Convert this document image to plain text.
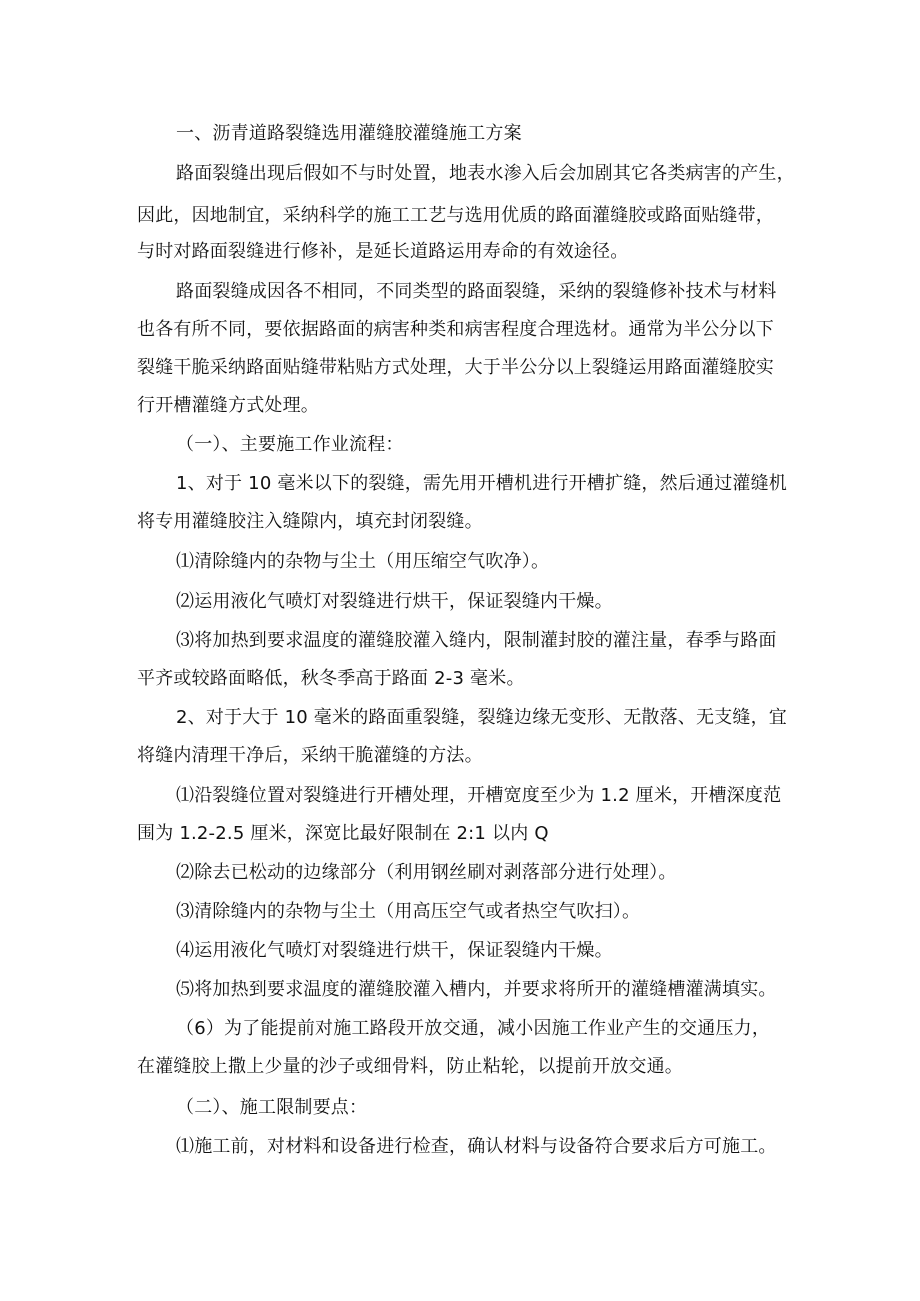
一、沥青道路裂缝选用灌缝胶灌缝施工方案
路面裂缝出现后假如不与时处置，地表水渗入后会加剧其它各类病害的产生，
因此，因地制宜，采纳科学的施工工艺与选用优质的路面灌缝胶或路面贴缝带，
与时对路面裂缝进行修补，是延长道路运用寿命的有效途径。
路面裂缝成因各不相同，不同类型的路面裂缝，采纳的裂缝修补技术与材料
也各有所不同，要依据路面的病害种类和病害程度合理选材。通常为半公分以下
裂缝干脆采纳路面贴缝带粘贴方式处理，大于半公分以上裂缝运用路面灌缝胶实
行开槽灌缝方式处理。
（一）、主要施工作业流程：
1、对于 10 毫米以下的裂缝，需先用开槽机进行开槽扩缝，然后通过灌缝机
将专用灌缝胶注入缝隙内，填充封闭裂缝。
⑴清除缝内的杂物与尘土（用压缩空气吹净）。
⑵运用液化气喷灯对裂缝进行烘干，保证裂缝内干燥。
⑶将加热到要求温度的灌缝胶灌入缝内，限制灌封胶的灌注量，春季与路面
平齐或较路面略低，秋冬季高于路面 2-3 毫米。
2、对于大于 10 毫米的路面重裂缝，裂缝边缘无变形、无散落、无支缝，宜
将缝内清理干净后，采纳干脆灌缝的方法。
⑴沿裂缝位置对裂缝进行开槽处理，开槽宽度至少为 1.2 厘米，开槽深度范
围为 1.2-2.5 厘米，深宽比最好限制在 2:1 以内 Q
⑵除去已松动的边缘部分（利用钢丝刷对剥落部分进行处理）。
⑶清除缝内的杂物与尘土（用高压空气或者热空气吹扫）。
⑷运用液化气喷灯对裂缝进行烘干，保证裂缝内干燥。
⑸将加热到要求温度的灌缝胶灌入槽内，并要求将所开的灌缝槽灌满填实。
（6）为了能提前对施工路段开放交通，减小因施工作业产生的交通压力，
在灌缝胶上撒上少量的沙子或细骨料，防止粘轮，以提前开放交通。
（二）、施工限制要点：
⑴施工前，对材料和设备进行检查，确认材料与设备符合要求后方可施工。
